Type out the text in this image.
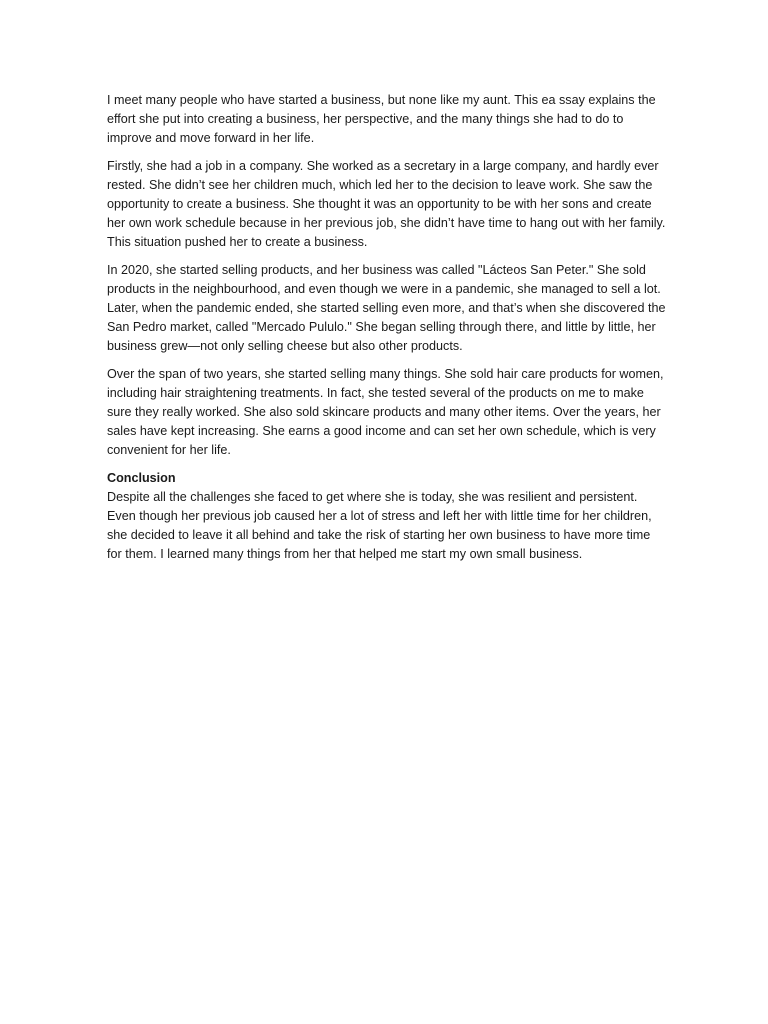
I meet many people who have started a business, but none like my aunt. This ea ssay explains the effort she put into creating a business, her perspective, and the many things she had to do to improve and move forward in her life.

Firstly, she had a job in a company. She worked as a secretary in a large company, and hardly ever rested. She didn’t see her children much, which led her to the decision to leave work. She saw the opportunity to create a business. She thought it was an opportunity to be with her sons and create her own work schedule because in her previous job, she didn’t have time to hang out with her family. This situation pushed her to create a business.

In 2020, she started selling products, and her business was called "Lácteos San Peter." She sold products in the neighbourhood, and even though we were in a pandemic, she managed to sell a lot. Later, when the pandemic ended, she started selling even more, and that’s when she discovered the San Pedro market, called "Mercado Pululo." She began selling through there, and little by little, her business grew—not only selling cheese but also other products.

Over the span of two years, she started selling many things. She sold hair care products for women, including hair straightening treatments. In fact, she tested several of the products on me to make sure they really worked. She also sold skincare products and many other items. Over the years, her sales have kept increasing. She earns a good income and can set her own schedule, which is very convenient for her life.

Conclusion

Despite all the challenges she faced to get where she is today, she was resilient and persistent. Even though her previous job caused her a lot of stress and left her with little time for her children, she decided to leave it all behind and take the risk of starting her own business to have more time for them. I learned many things from her that helped me start my own small business.
